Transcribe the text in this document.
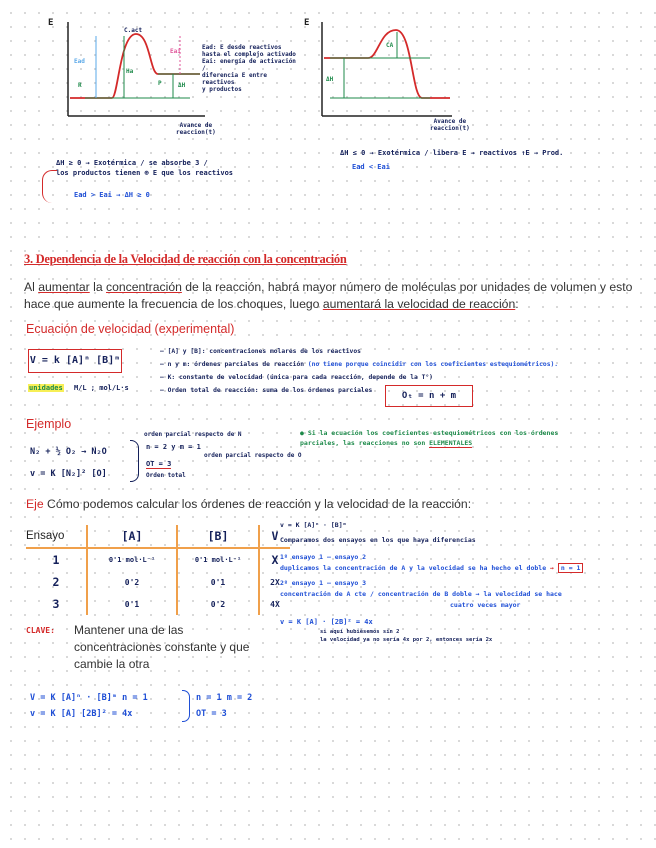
E
C.act
Eai
Ead
R
Ha
P	ΔH
Ead: E desde reactivos
hasta el complejo activado
Eai: energía de activación /
diferencia E entre reactivos
y productos
Avance de
reaccion(t)
E
CA
ΔH
Avance de
reaccion(t)
ΔH ≥ 0 → Exotérmica / se absorbe 3 /
los productos tienen ⊕ E que los reactivos
Ead > Eai → ΔH ≥ 0
ΔH ≤ 0 → Exotérmica / libera E → reactivos ↑E → Prod.
Ead < Eai
3. Dependencia de la Velocidad de reacción con la concentración
Al aumentar la concentración de la reacción, habrá mayor número de moléculas por unidades de volumen y esto hace que aumente la frecuencia de los choques, luego aumentará la velocidad de reacción:
Ecuación de velocidad (experimental)
V = k [A]ⁿ [B]ᵐ
unidades M/L ; mol/L·s
– [A] y [B]: concentraciones molares de los reactivos
– n y m: órdenes parciales de reacción (no tiene porque coincidir con los coeficientes estequiométricos).
– K: constante de velocidad (única para cada reacción, depende de la T°)
– Orden total de reacción: suma de los órdenes parciales
Oₜ = n + m
Ejemplo
N₂ + ½ O₂ → N₂O
v = K [N₂]² [O]
orden parcial respecto de N
n = 2 y m = 1
orden parcial respecto de O
OT = 3
Orden total
● Si la ecuación los coeficientes estequiométricos con los órdenes
parciales, las reacciones no son ELEMENTALES
Eje Cómo podemos calcular los órdenes de reacción y la velocidad de la reacción:
Ensayo	[A]	[B]	V
1	0'1 mol·L⁻¹	0'1 mol·L⁻¹	X
2	0'2	0'1	2X
3	0'1	0'2	4X
CLAVE: Mantener una de las concentraciones constante y que cambie la otra
v = K [A]ⁿ · [B]ᵐ
Comparamos dos ensayos en los que haya diferencias
1º ensayo 1 – ensayo 2
duplicamos la concentración de A y la velocidad se ha hecho el doble → n = 1
2º ensayo 1 – ensayo 3
concentración de A cte / concentración de B doble → la velocidad se hace
cuatro veces mayor
v = K [A] · [2B]² = 4x
si aquí hubiésemos sin 2
la velocidad ya no sería 4x por 2, entonces sería 2x
V = K [A]ⁿ · [B]ᵐ n = 1
v = K [A] [2B]² = 4x
n = 1 m = 2
OT = 3
